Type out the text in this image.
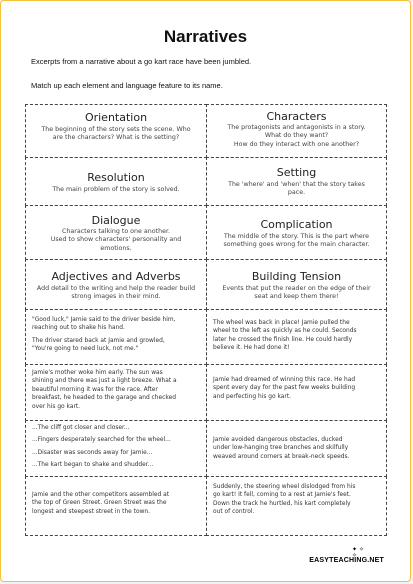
Narratives
Excerpts from a narrative about a go kart race have been jumbled.
Match up each element and language feature to its name.
Orientation
The beginning of the story sets the scene. Who
are the characters? What is the setting?
Characters
The protagonists and antagonists in a story.
What do they want?
How do they interact with one another?
Resolution
The main problem of the story is solved.
Setting
The 'where' and 'when' that the story takes
pace.
Dialogue
Characters talking to one another.
Used to show characters' personality and
emotions.
Complication
The middle of the story. This is the part where
something goes wrong for the main character.
Adjectives and Adverbs
Add detail to the writing and help the reader build
strong images in their mind.
Building Tension
Events that put the reader on the edge of their
seat and keep them there!
"Good luck," Jamie said to the driver beside him,
reaching out to shake his hand.
The driver stared back at Jamie and growled,
"You're going to need luck, not me."
The wheel was back in place! Jamie pulled the
wheel to the left as quickly as he could. Seconds
later he crossed the finish line. He could hardly
believe it. He had done it!
Jamie's mother woke him early. The sun was
shining and there was just a light breeze. What a
beautiful morning it was for the race. After
breakfast, he headed to the garage and checked
over his go kart.
Jamie had dreamed of winning this race. He had
spent every day for the past few weeks building
and perfecting his go kart.
...The cliff got closer and closer...
...Fingers desperately searched for the wheel...
...Disaster was seconds away for Jamie...
...The kart began to shake and shudder...
Jamie avoided dangerous obstacles, ducked
under low-hanging tree branches and skilfully
weaved around corners at break-neck speeds.
Jamie and the other competitors assembled at
the top of Green Street. Green Street was the
longest and steepest street in the town.
Suddenly, the steering wheel dislodged from his
go kart! It fell, coming to a rest at Jamie's feet.
Down the track he hurtled, his kart completely
out of control.
✦ ✧
✧
EASYTEACHING.NET
